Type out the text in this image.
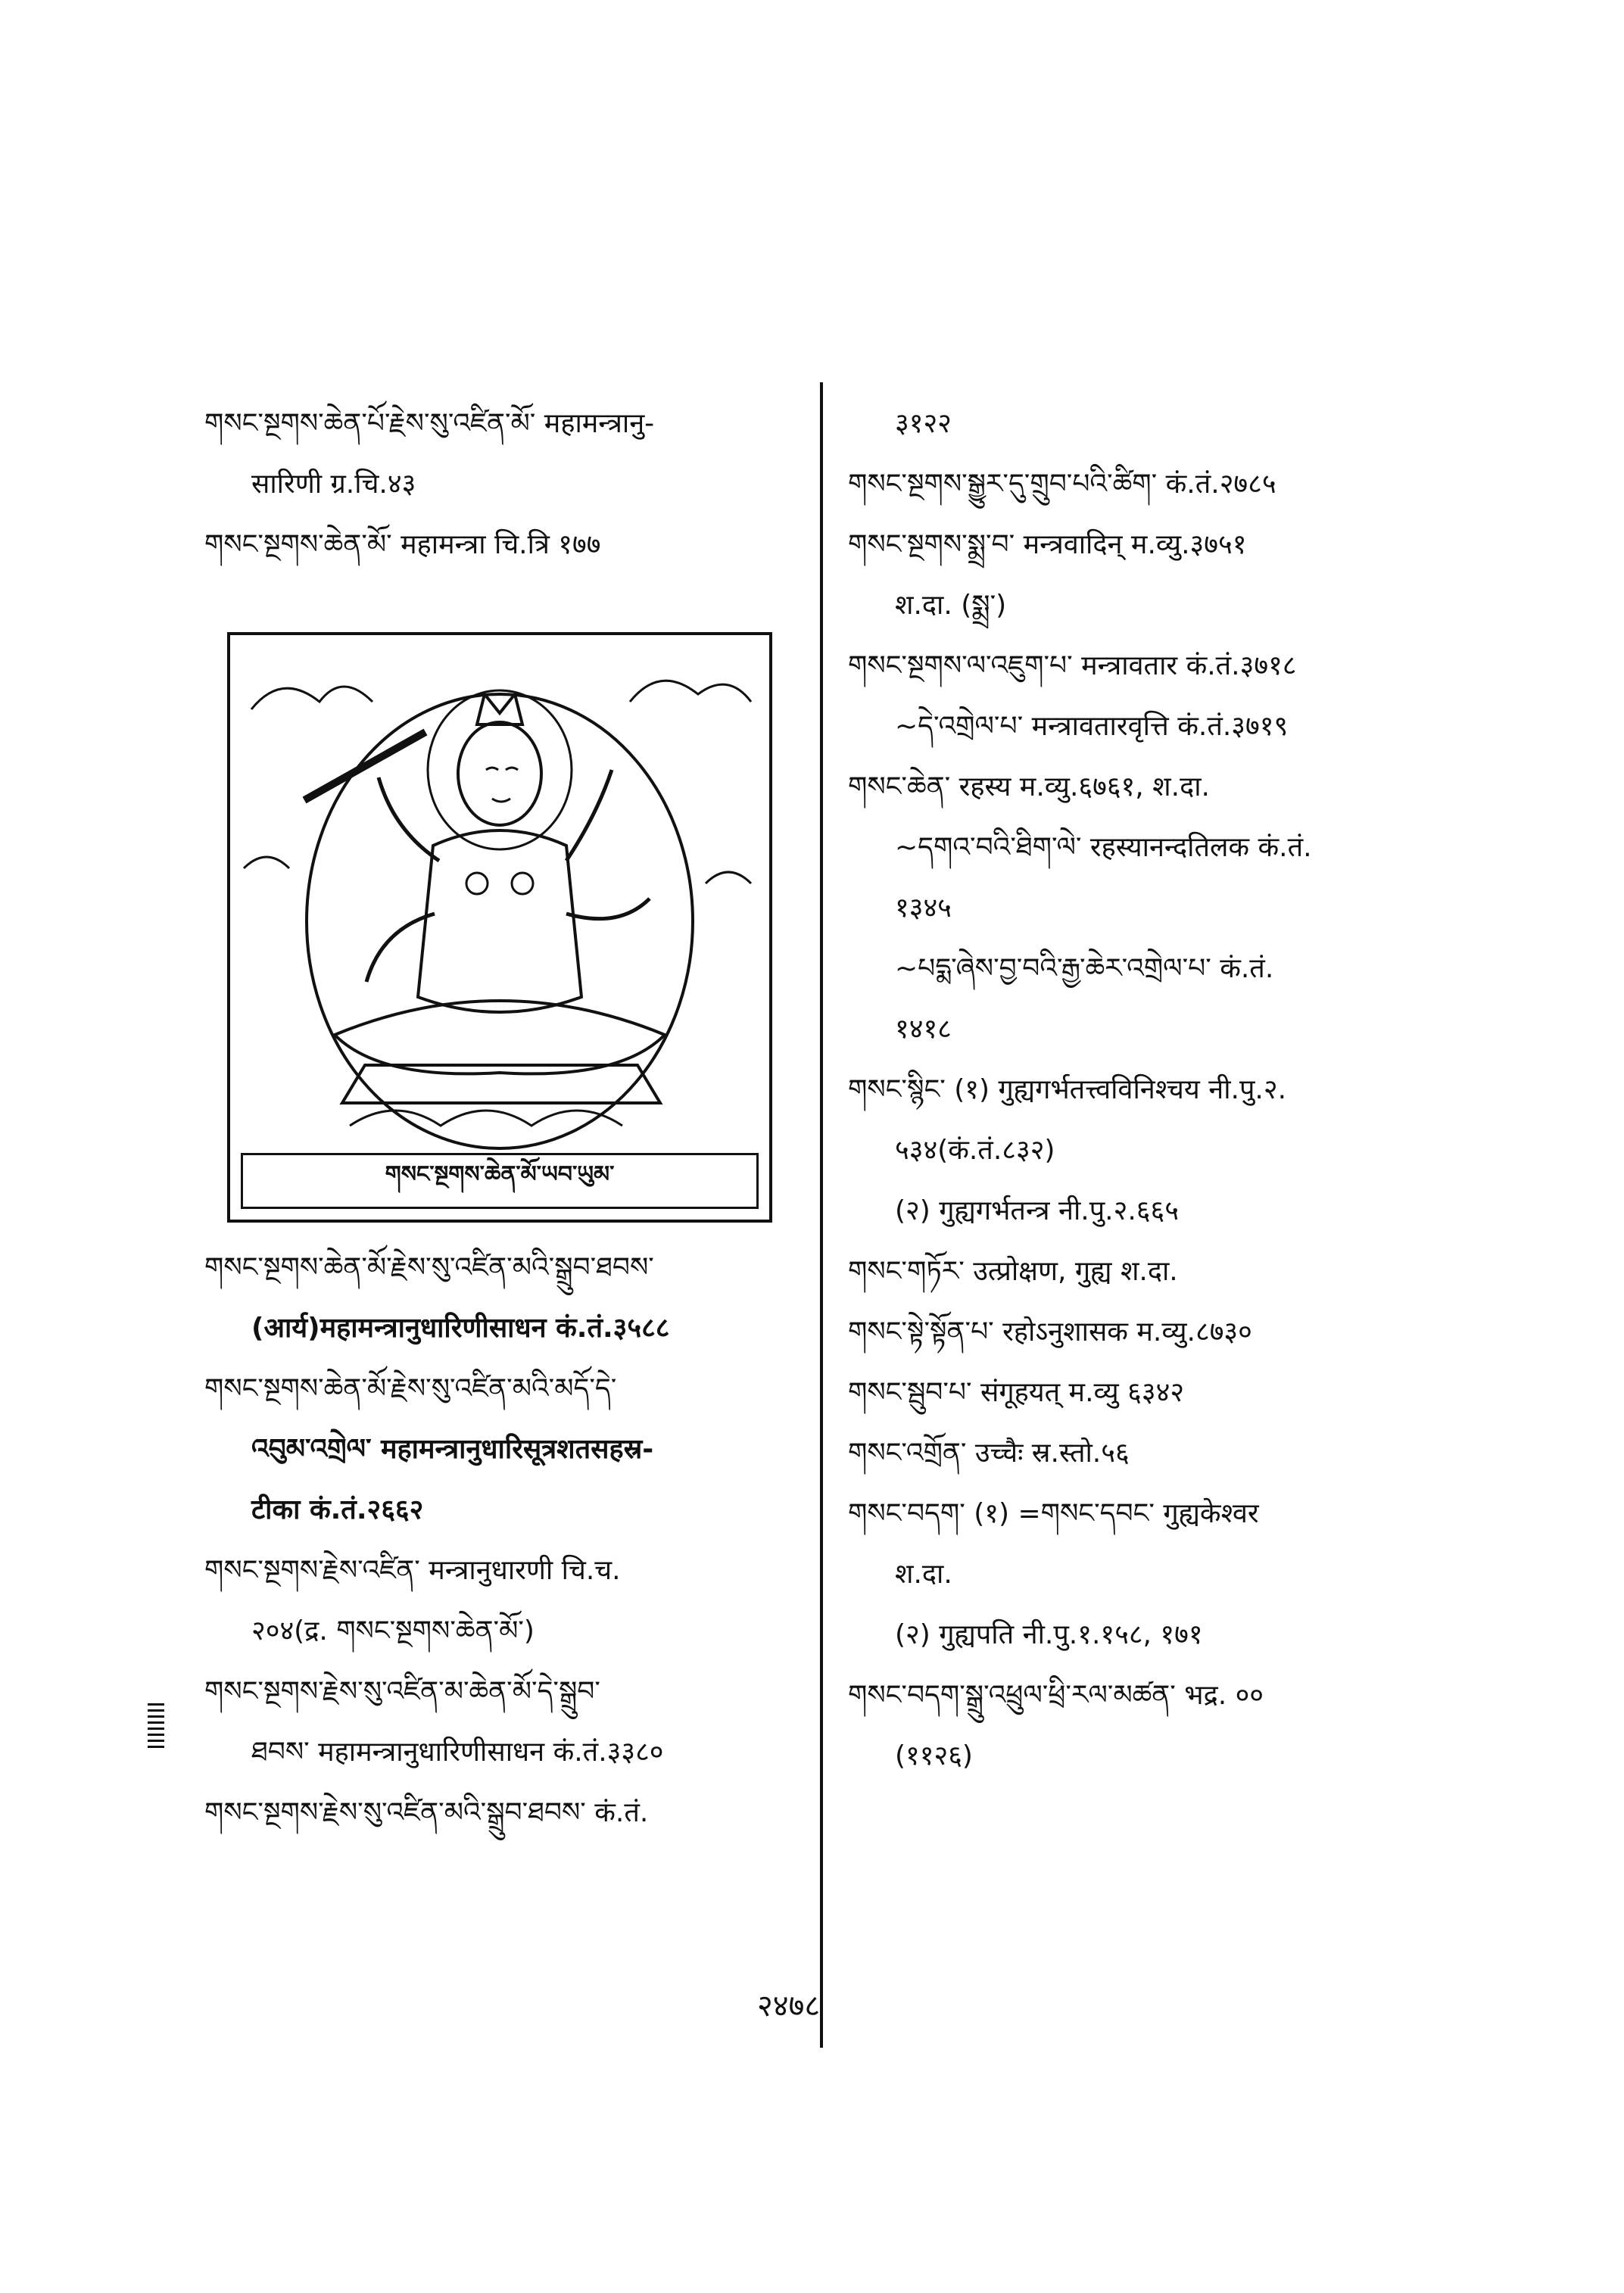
གསང་སྔགས་ཆེན་པོ་རྗེས་སུ་འཛིན་མོ་ महामन्त्रानु-
सारिणी ग्र.चि.४३
གསང་སྔགས་ཆེན་མོ་ महामन्त्रा चि.त्रि १७७
གསང་སྔགས་ཆེན་མོ་རྗེས་སུ་འཛིན་མའི་སྒྲུབ་ཐབས་
(आर्य)महामन्त्रानुधारिणीसाधन कं.तं.३५८८
གསང་སྔགས་ཆེན་མོ་རྗེས་སུ་འཛིན་མའི་མདོ་དེ་
འབུམ་འགྲེལ་ महामन्त्रानुधारिसूत्रशतसहस्र-
टीका कं.तं.२६६२
གསང་སྔགས་རྗེས་འཛིན་ मन्त्रानुधारणी चि.च.
२०४(द्र. གསང་སྔགས་ཆེན་མོ་)
གསང་སྔགས་རྗེས་སུ་འཛིན་མ་ཆེན་མོ་དེ་སྒྲུབ་
ཐབས་ महामन्त्रानुधारिणीसाधन कं.तं.३३८०
གསང་སྔགས་རྗེས་སུ་འཛིན་མའི་སྒྲུབ་ཐབས་ कं.तं.
གསང་སྔགས་ཆེན་མོ་ཡབ་ཡུམ་
३१२२
གསང་སྔགས་སྒྱུར་དུ་གྲུབ་པའི་ཚིག་ कं.तं.२७८५
གསང་སྔགས་སྨྲ་བ་ मन्त्रवादिन् म.व्यु.३७५१
श.दा. (སྨྲ་)
གསང་སྔགས་ལ་འཇུག་པ་ मन्त्रावतार कं.तं.३७१८
~དེ་འགྲེལ་པ་ मन्त्रावतारवृत्ति कं.तं.३७१९
གསང་ཆེན་ रहस्य म.व्यु.६७६१, श.दा.
~དགའ་བའི་ཐིག་ལེ་ रहस्यानन्दतिलक कं.तं.
१३४५
~པདྨ་ཞེས་བྱ་བའི་རྒྱ་ཆེར་འགྲེལ་པ་ कं.तं.
१४१८
གསང་སྙིང་ (१) गुह्यगर्भतत्त्वविनिश्चय नी.पु.२.
५३४(कं.तं.८३२)
(२) गुह्यगर्भतन्त्र नी.पु.२.६६५
གསང་གཏོར་ उत्प्रोक्षण, गुह्य श.दा.
གསང་སྟེ་སྟོན་པ་ रहोऽनुशासक म.व्यु.८७३०
གསང་སྦུབ་པ་ संगूहयत् म.व्यु ६३४२
གསང་འགྲོན་ उच्चैः स्र.स्तो.५६
གསང་བདག་ (१) =གསང་དབང་ गुह्यकेश्वर
श.दा.
(२) गुह्यपति नी.पु.१.१५८, १७१
གསང་བདག་སྒྲུ་འཕྲུལ་ཕྲི་རལ་མཚན་ भद्र. ००
(११२६)
२४७८
